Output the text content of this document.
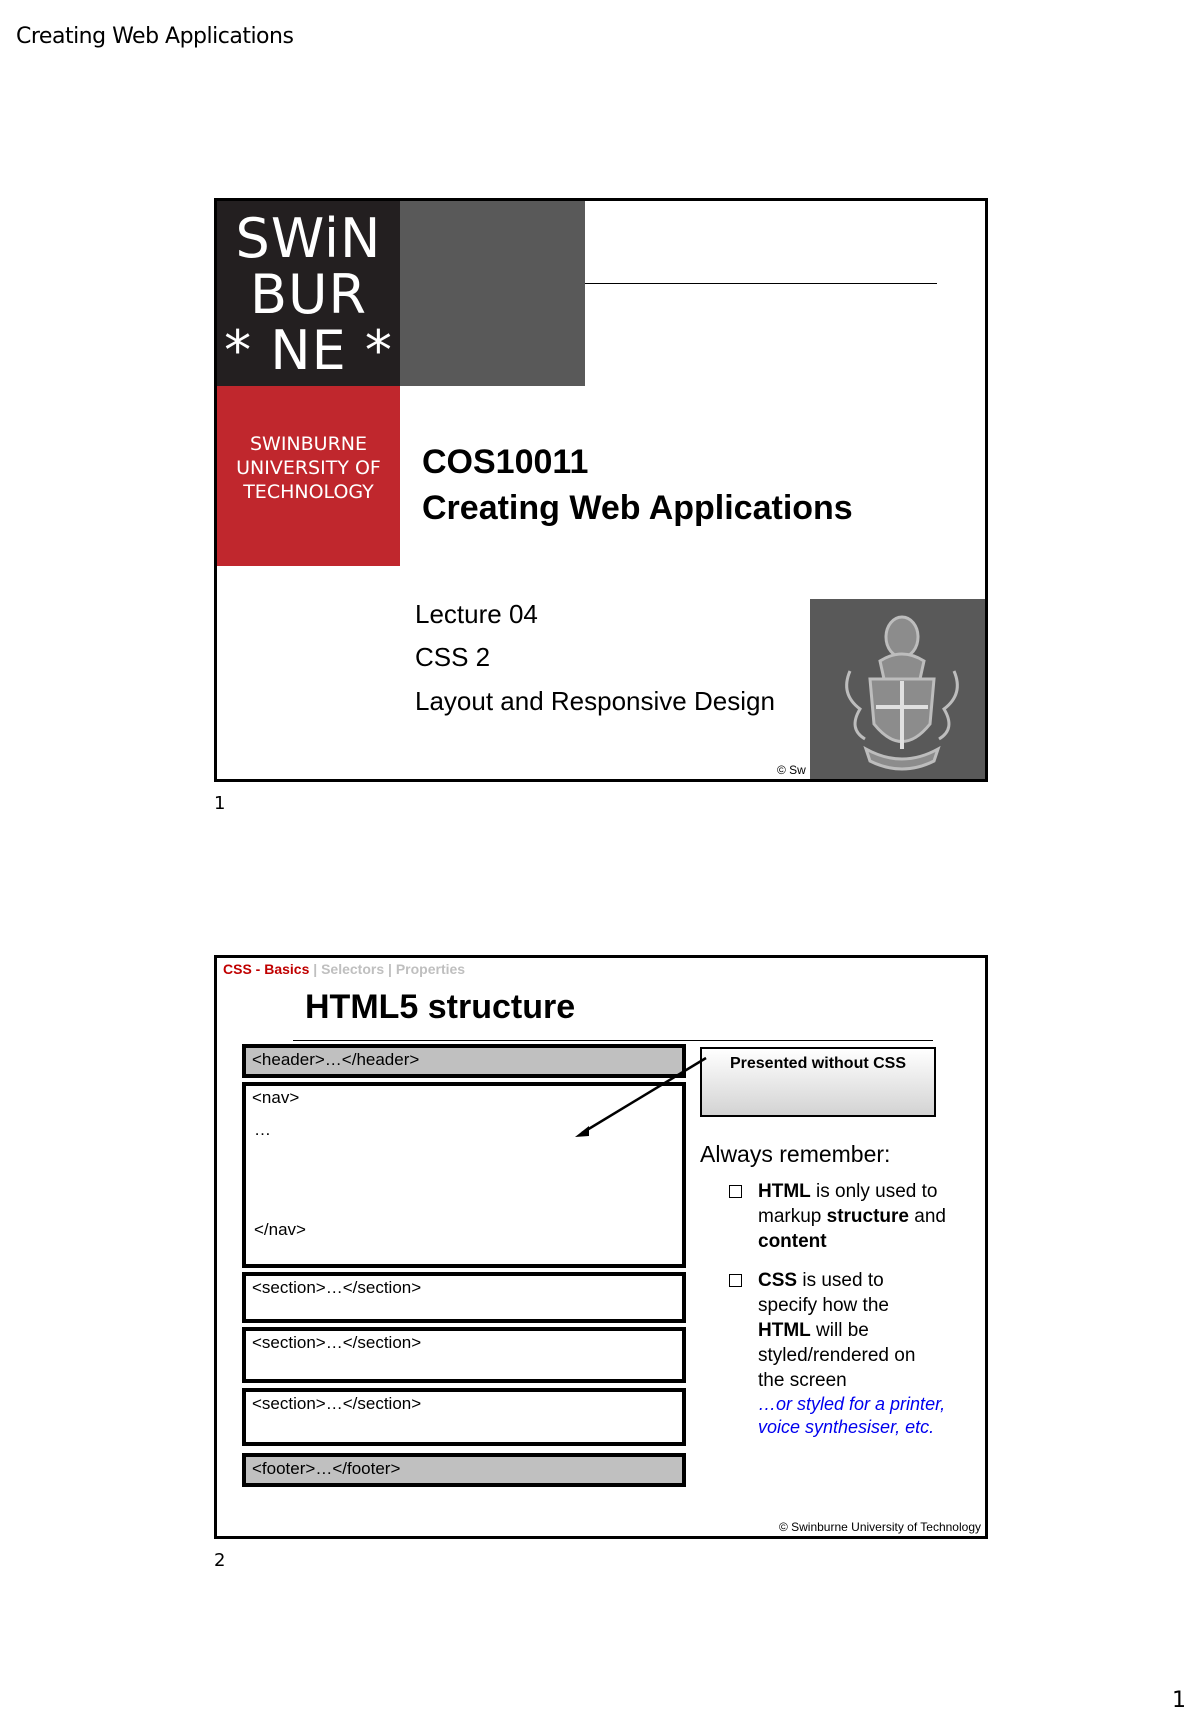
Creating Web Applications
SWiN
BUR
* NE *
SWINBURNE
UNIVERSITY OF
TECHNOLOGY
COS10011
Creating Web Applications
Lecture 04
CSS 2
Layout and Responsive Design
© Sw
1
CSS - Basics | Selectors | Properties
HTML5 structure
<header>…</header>
<nav>
…
</nav>
<section>…</section>
<section>…</section>
<section>…</section>
<footer>…</footer>
Presented without CSS
Always remember:
HTML is only used to markup structure and content
CSS is used to specify how the HTML will be styled/rendered on the screen
…or styled for a printer, voice synthesiser, etc.
© Swinburne University of Technology
2
1
